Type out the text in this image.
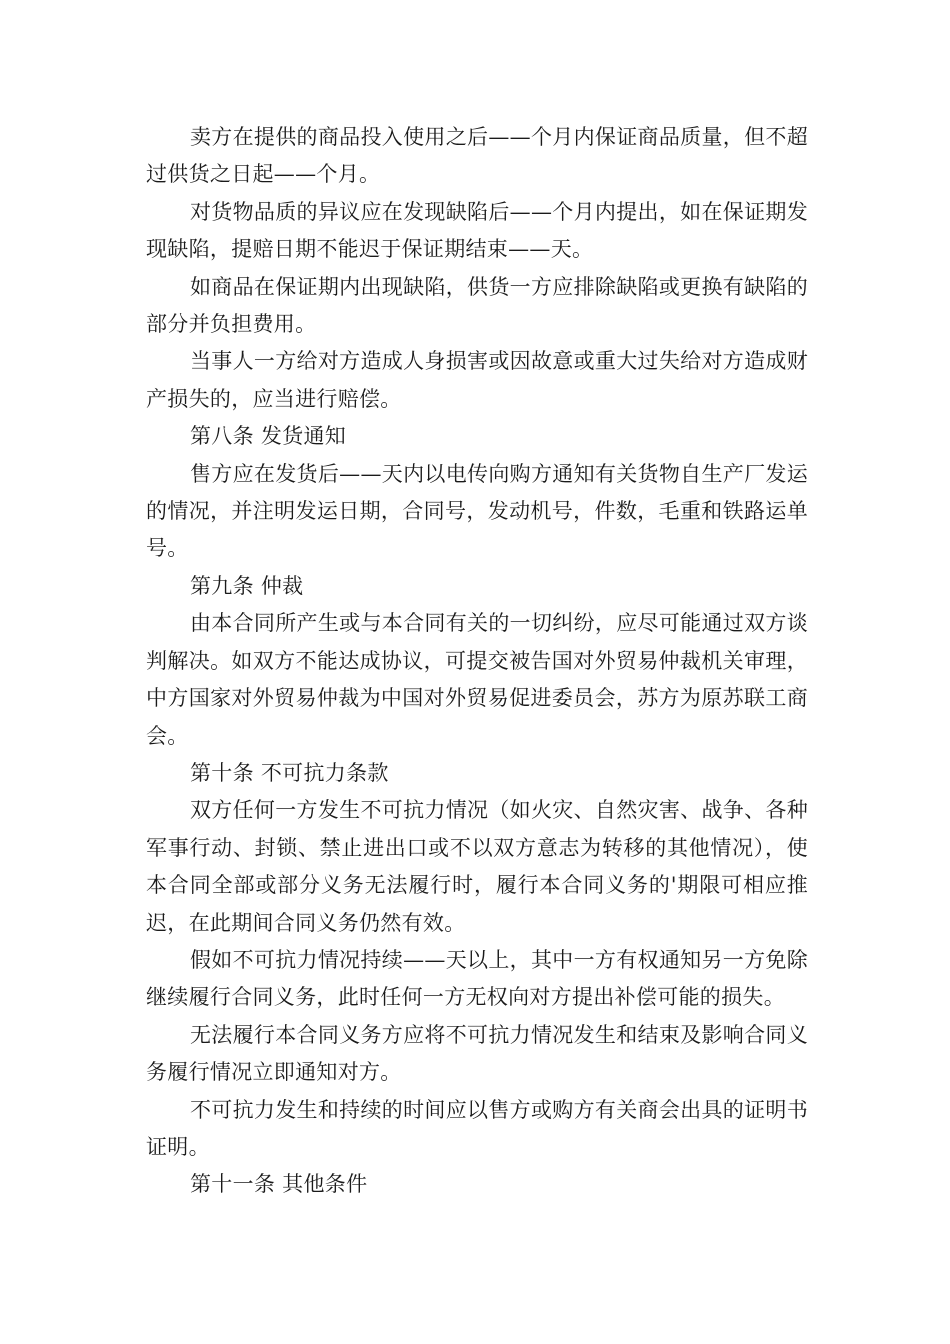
卖方在提供的商品投入使用之后——个月内保证商品质量，但不超过供货之日起——个月。

对货物品质的异议应在发现缺陷后——个月内提出，如在保证期发现缺陷，提赔日期不能迟于保证期结束——天。

如商品在保证期内出现缺陷，供货一方应排除缺陷或更换有缺陷的部分并负担费用。

当事人一方给对方造成人身损害或因故意或重大过失给对方造成财产损失的，应当进行赔偿。

第八条 发货通知

售方应在发货后——天内以电传向购方通知有关货物自生产厂发运的情况，并注明发运日期，合同号，发动机号，件数，毛重和铁路运单号。

第九条 仲裁

由本合同所产生或与本合同有关的一切纠纷，应尽可能通过双方谈判解决。如双方不能达成协议，可提交被告国对外贸易仲裁机关审理，中方国家对外贸易仲裁为中国对外贸易促进委员会，苏方为原苏联工商会。

第十条 不可抗力条款

双方任何一方发生不可抗力情况（如火灾、自然灾害、战争、各种军事行动、封锁、禁止进出口或不以双方意志为转移的其他情况），使本合同全部或部分义务无法履行时，履行本合同义务的'期限可相应推迟，在此期间合同义务仍然有效。

假如不可抗力情况持续——天以上，其中一方有权通知另一方免除继续履行合同义务，此时任何一方无权向对方提出补偿可能的损失。

无法履行本合同义务方应将不可抗力情况发生和结束及影响合同义务履行情况立即通知对方。

不可抗力发生和持续的时间应以售方或购方有关商会出具的证明书证明。

第十一条 其他条件
